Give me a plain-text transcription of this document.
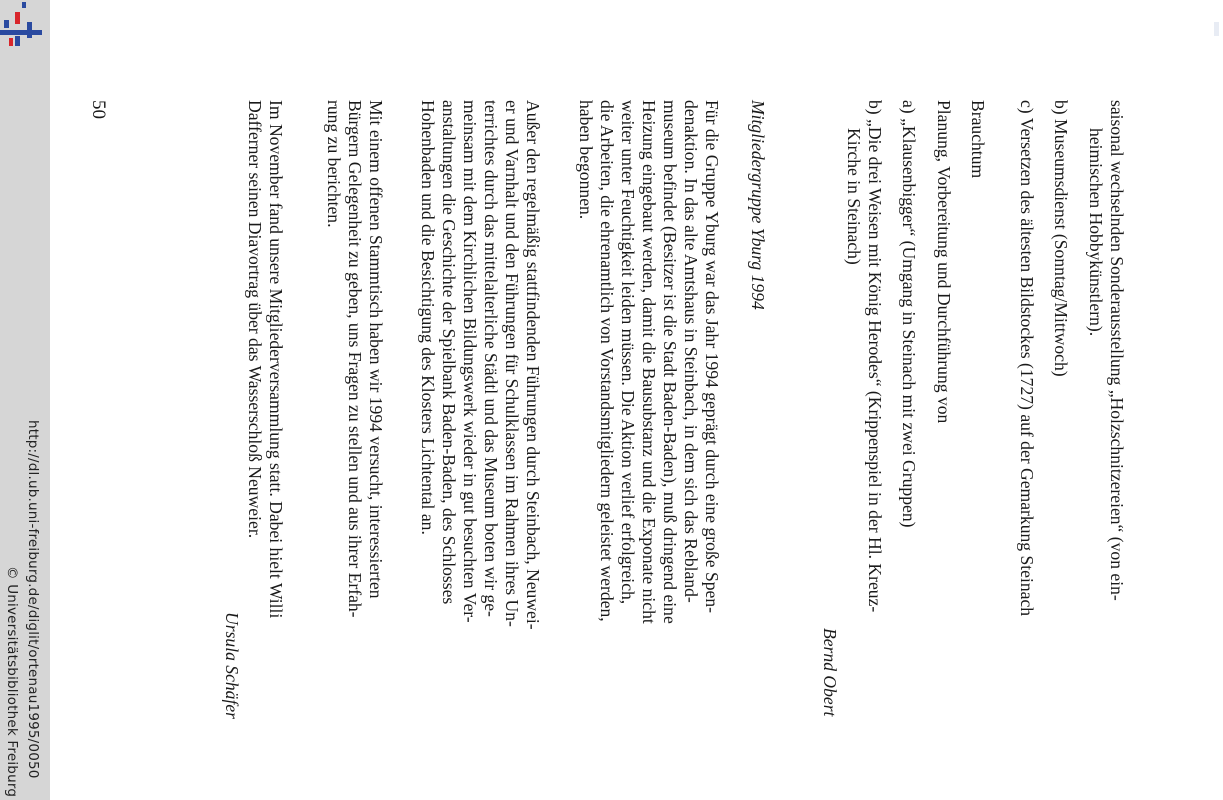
http://dl.ub.uni-freiburg.de/diglit/ortenau1995/0050
© Universitätsbibliothek Freiburg
saisonal wechselnden Sonderausstellung „Holzschnitzereien“ (von ein-
heimischen Hobbykünstlern).
b) Museumsdienst (Sonntag/Mittwoch)
c) Versetzen des ältesten Bildstockes (1727) auf der Gemarkung Steinach
Brauchtum
Planung, Vorbereitung und Durchführung von
a) „Klausenbigger“ (Umgang in Steinach mit zwei Gruppen)
b) „Die drei Weisen mit König Herodes“ (Krippenspiel in der Hl. Kreuz-
Kirche in Steinach)
Bernd Obert
Mitgliedergruppe Yburg 1994
Für die Gruppe Yburg war das Jahr 1994 geprägt durch eine große Spen-
denaktion. In das alte Amtshaus in Steinbach, in dem sich das Rebland-
museum befindet (Besitzer ist die Stadt Baden-Baden), muß dringend eine
Heizung eingebaut werden, damit die Bausubstanz und die Exponate nicht
weiter unter Feuchtigkeit leiden müssen. Die Aktion verlief erfolgreich,
die Arbeiten, die ehrenamtlich von Vorstandsmitgliedern geleistet werden,
haben begonnen.
Außer den regelmäßig stattfindenden Führungen durch Steinbach, Neuwei-
er und Varnhalt und den Führungen für Schulklassen im Rahmen ihres Un-
terrichtes durch das mittelalterliche Städtl und das Museum boten wir ge-
meinsam mit dem Kirchlichen Bildungswerk wieder in gut besuchten Ver-
anstaltungen die Geschichte der Spielbank Baden-Baden, des Schlosses
Hohenbaden und die Besichtigung des Klosters Lichtental an.
Mit einem offenen Stammtisch haben wir 1994 versucht, interessierten
Bürgern Gelegenheit zu geben, uns Fragen zu stellen und aus ihrer Erfah-
rung zu berichten.
Im November fand unsere Mitgliederversammlung statt. Dabei hielt Willi
Dafferner seinen Diavortrag über das Wasserschloß Neuweier.
Ursula Schäfer
50
